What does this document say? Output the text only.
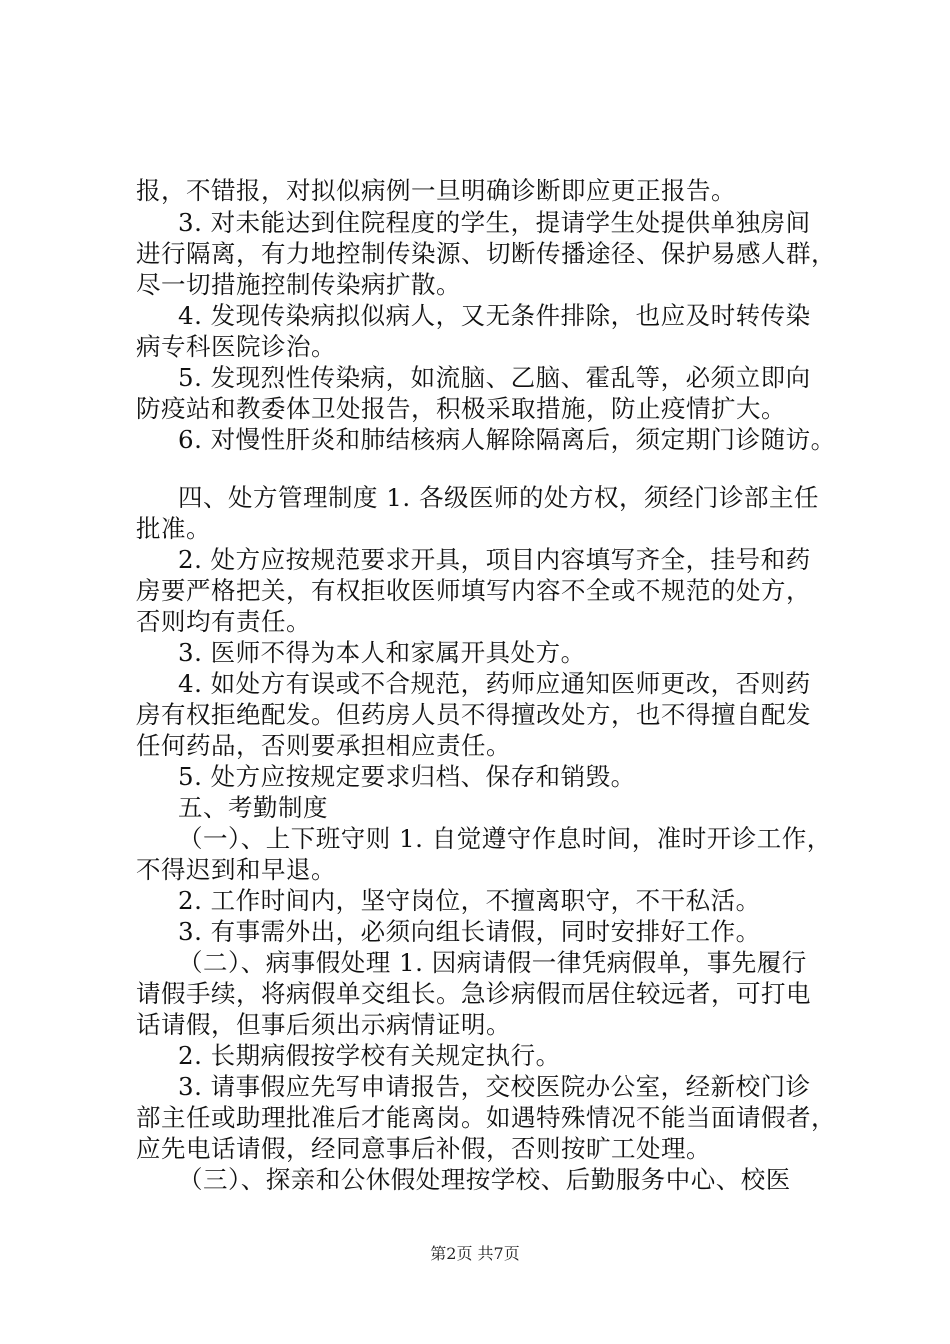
报，不错报，对拟似病例一旦明确诊断即应更正报告。
3. 对未能达到住院程度的学生，提请学生处提供单独房间
进行隔离，有力地控制传染源、切断传播途径、保护易感人群，
尽一切措施控制传染病扩散。
4. 发现传染病拟似病人，又无条件排除，也应及时转传染
病专科医院诊治。
5. 发现烈性传染病，如流脑、乙脑、霍乱等，必须立即向
防疫站和教委体卫处报告，积极采取措施，防止疫情扩大。
6. 对慢性肝炎和肺结核病人解除隔离后，须定期门诊随访。
四、处方管理制度 1. 各级医师的处方权，须经门诊部主任
批准。
2. 处方应按规范要求开具，项目内容填写齐全，挂号和药
房要严格把关，有权拒收医师填写内容不全或不规范的处方，
否则均有责任。
3. 医师不得为本人和家属开具处方。
4. 如处方有误或不合规范，药师应通知医师更改，否则药
房有权拒绝配发。但药房人员不得擅改处方，也不得擅自配发
任何药品，否则要承担相应责任。
5. 处方应按规定要求归档、保存和销毁。
五、考勤制度
（一）、上下班守则 1. 自觉遵守作息时间，准时开诊工作，
不得迟到和早退。
2. 工作时间内，坚守岗位，不擅离职守，不干私活。
3. 有事需外出，必须向组长请假，同时安排好工作。
（二）、病事假处理 1. 因病请假一律凭病假单，事先履行
请假手续，将病假单交组长。急诊病假而居住较远者，可打电
话请假，但事后须出示病情证明。
2. 长期病假按学校有关规定执行。
3. 请事假应先写申请报告，交校医院办公室，经新校门诊
部主任或助理批准后才能离岗。如遇特殊情况不能当面请假者，
应先电话请假，经同意事后补假，否则按旷工处理。
（三）、探亲和公休假处理按学校、后勤服务中心、校医
第2页 共7页
